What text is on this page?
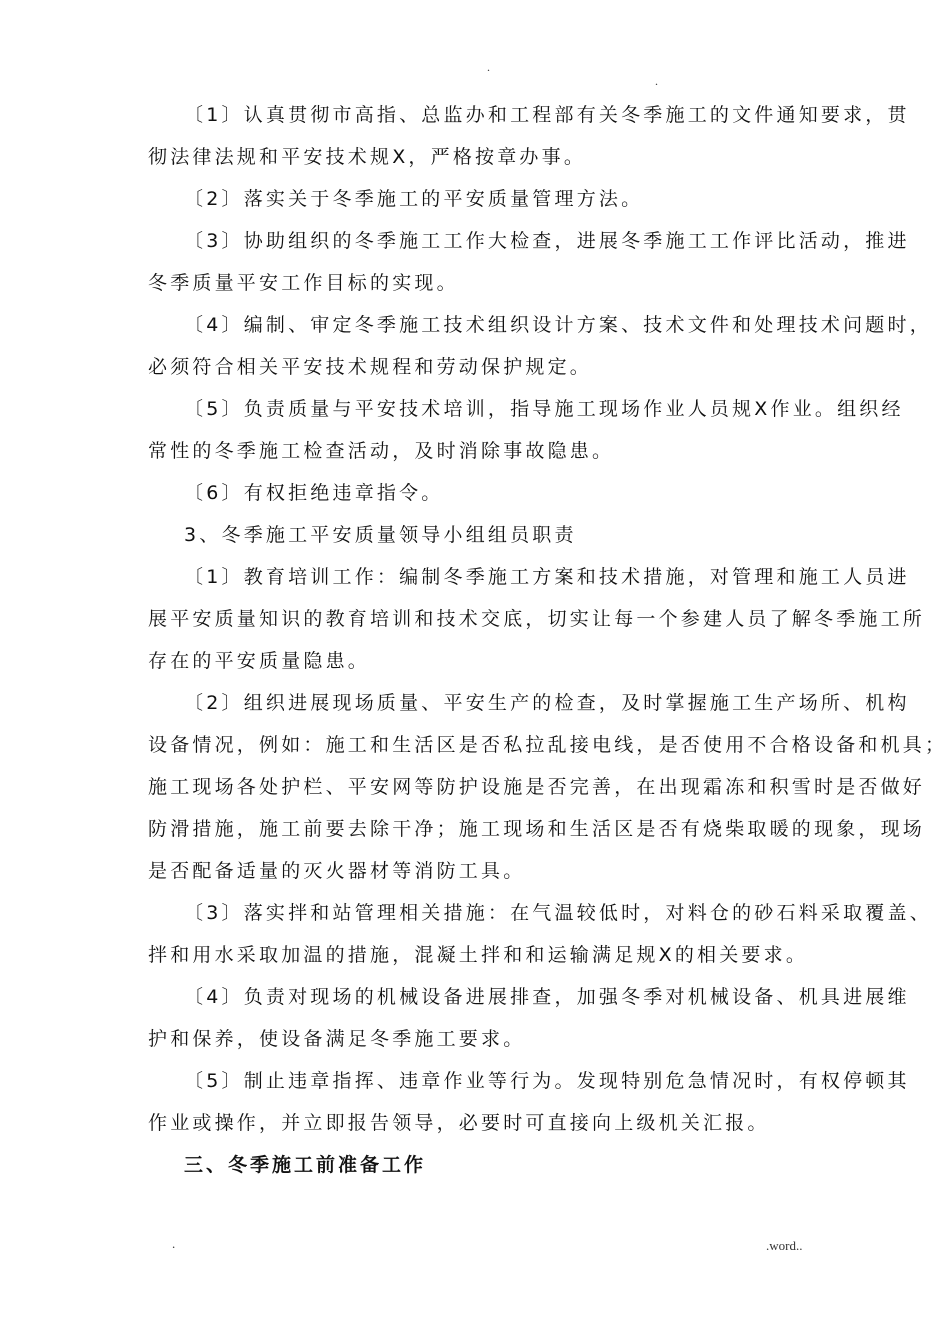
.
.
〔1〕认真贯彻市高指、总监办和工程部有关冬季施工的文件通知要求，贯
彻法律法规和平安技术规X，严格按章办事。
〔2〕落实关于冬季施工的平安质量管理方法。
〔3〕协助组织的冬季施工工作大检查，进展冬季施工工作评比活动，推进
冬季质量平安工作目标的实现。
〔4〕编制、审定冬季施工技术组织设计方案、技术文件和处理技术问题时，
必须符合相关平安技术规程和劳动保护规定。
〔5〕负责质量与平安技术培训，指导施工现场作业人员规X作业。组织经
常性的冬季施工检查活动，及时消除事故隐患。
〔6〕有权拒绝违章指令。
3、冬季施工平安质量领导小组组员职责
〔1〕教育培训工作：编制冬季施工方案和技术措施，对管理和施工人员进
展平安质量知识的教育培训和技术交底，切实让每一个参建人员了解冬季施工所
存在的平安质量隐患。
〔2〕组织进展现场质量、平安生产的检查，及时掌握施工生产场所、机构
设备情况，例如：施工和生活区是否私拉乱接电线，是否使用不合格设备和机具；
施工现场各处护栏、平安网等防护设施是否完善，在出现霜冻和积雪时是否做好
防滑措施，施工前要去除干净；施工现场和生活区是否有烧柴取暖的现象，现场
是否配备适量的灭火器材等消防工具。
〔3〕落实拌和站管理相关措施：在气温较低时，对料仓的砂石料采取覆盖、
拌和用水采取加温的措施，混凝土拌和和运输满足规X的相关要求。
〔4〕负责对现场的机械设备进展排查，加强冬季对机械设备、机具进展维
护和保养，使设备满足冬季施工要求。
〔5〕制止违章指挥、违章作业等行为。发现特别危急情况时，有权停顿其
作业或操作，并立即报告领导，必要时可直接向上级机关汇报。
三、冬季施工前准备工作
.	.word..
